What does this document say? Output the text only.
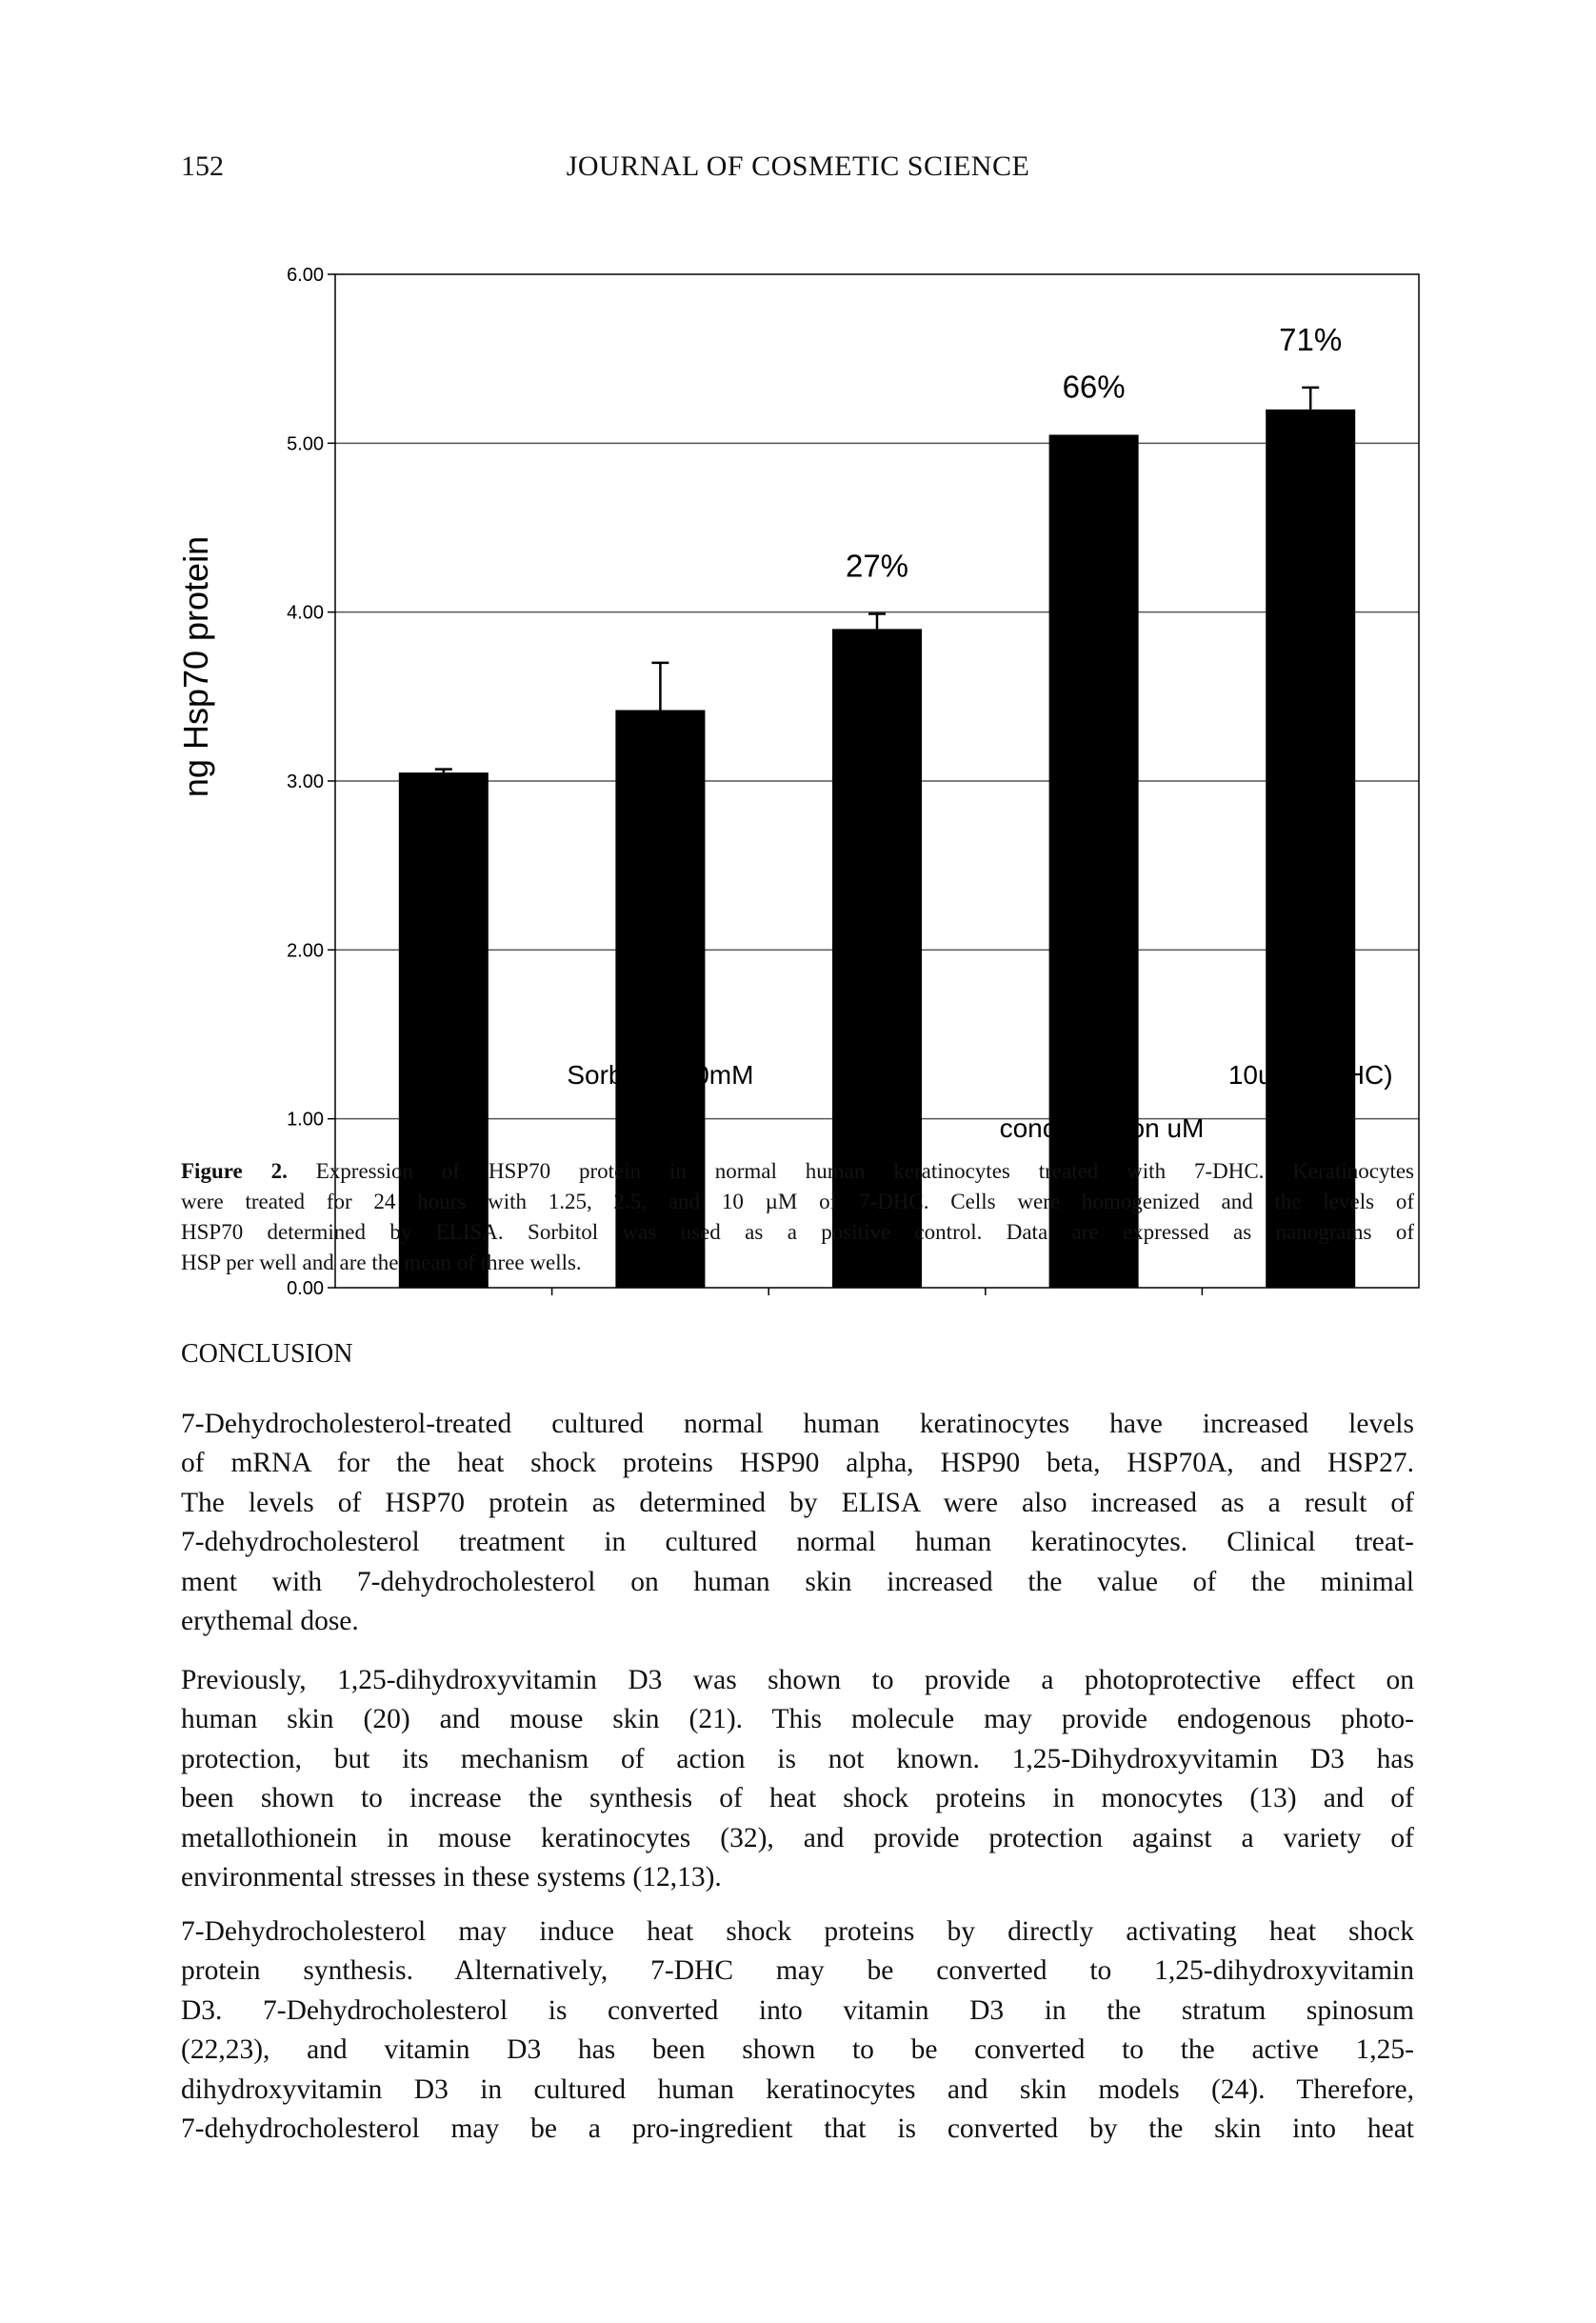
152	JOURNAL OF COSMETIC SCIENCE
0.00
1.00
2.00
3.00
4.00
5.00
6.00
Control	Sorbitol 100mM	1.25
27%
2.5
66%
10uM (7DHC)
71%
concentration uM
ng Hsp70 protein
Figure 2. Expression of HSP70 protein in normal human keratinocytes treated with 7-DHC. Keratinocytes
were treated for 24 hours with 1.25, 2.5, and 10 µM of 7-DHC. Cells were homogenized and the levels of
HSP70 determined by ELISA. Sorbitol was used as a positive control. Data are expressed as nanograms of
HSP per well and are the mean of three wells.
CONCLUSION
7-Dehydrocholesterol-treated cultured normal human keratinocytes have increased levels
of mRNA for the heat shock proteins HSP90 alpha, HSP90 beta, HSP70A, and HSP27.
The levels of HSP70 protein as determined by ELISA were also increased as a result of
7-dehydrocholesterol treatment in cultured normal human keratinocytes. Clinical treat-
ment with 7-dehydrocholesterol on human skin increased the value of the minimal
erythemal dose.
Previously, 1,25-dihydroxyvitamin D3 was shown to provide a photoprotective effect on
human skin (20) and mouse skin (21). This molecule may provide endogenous photo-
protection, but its mechanism of action is not known. 1,25-Dihydroxyvitamin D3 has
been shown to increase the synthesis of heat shock proteins in monocytes (13) and of
metallothionein in mouse keratinocytes (32), and provide protection against a variety of
environmental stresses in these systems (12,13).
7-Dehydrocholesterol may induce heat shock proteins by directly activating heat shock
protein synthesis. Alternatively, 7-DHC may be converted to 1,25-dihydroxyvitamin
D3. 7-Dehydrocholesterol is converted into vitamin D3 in the stratum spinosum
(22,23), and vitamin D3 has been shown to be converted to the active 1,25-
dihydroxyvitamin D3 in cultured human keratinocytes and skin models (24). Therefore,
7-dehydrocholesterol may be a pro-ingredient that is converted by the skin into heat
